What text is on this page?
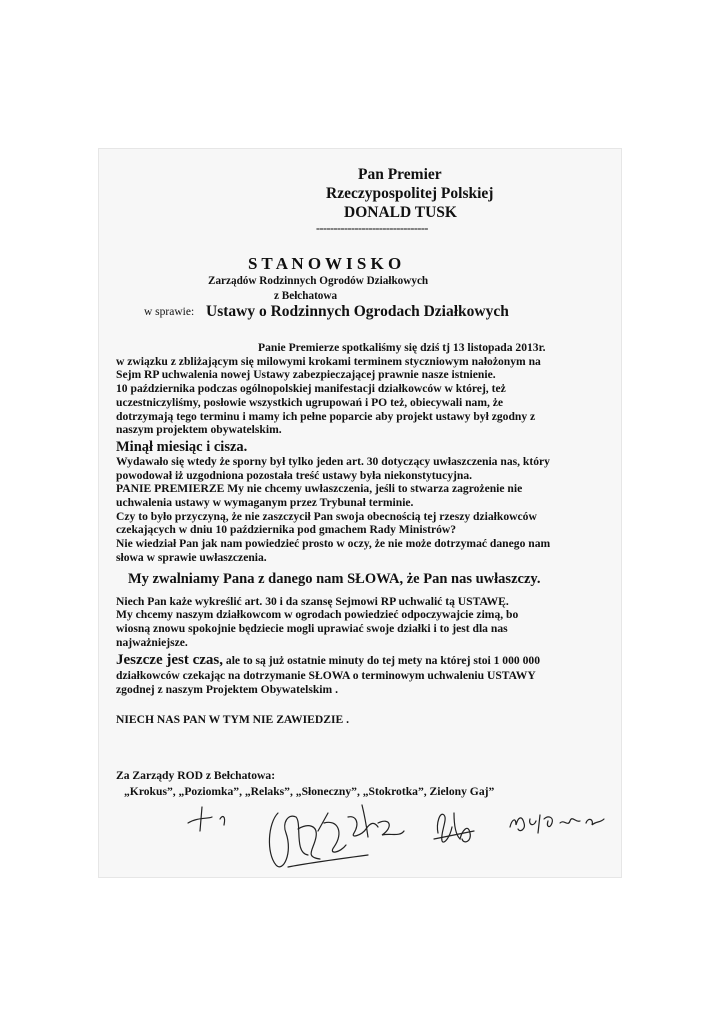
Pan Premier
Rzeczypospolitej Polskiej
DONALD TUSK
--------------------------------
S T A N O W I S K O
Zarządów Rodzinnych Ogrodów Działkowych
z Bełchatowa
w sprawie: Ustawy o Rodzinnych Ogrodach Działkowych

Panie Premierze spotkaliśmy się dziś tj 13 listopada 2013r.

w związku z zbliżającym się milowymi krokami terminem styczniowym nałożonym na

Sejm RP uchwalenia nowej Ustawy zabezpieczającej prawnie nasze istnienie.

10 października podczas ogólnopolskiej manifestacji działkowców w której, też

uczestniczyliśmy, posłowie wszystkich ugrupowań i PO też, obiecywali nam, że

dotrzymają tego terminu i mamy ich pełne poparcie aby projekt ustawy był zgodny z

naszym projektem obywatelskim.

Minął miesiąc i cisza.

Wydawało się wtedy że sporny był tylko jeden art. 30 dotyczący uwłaszczenia nas, który

powodował iż uzgodniona pozostała treść ustawy była niekonstytucyjna.

PANIE PREMIERZE My nie chcemy uwłaszczenia, jeśli to stwarza zagrożenie nie

uchwalenia ustawy w wymaganym przez Trybunał terminie.

Czy to było przyczyną, że nie zaszczycił Pan swoja obecnością tej rzeszy działkowców

czekających w dniu 10 października pod gmachem Rady Ministrów?

Nie wiedział Pan jak nam powiedzieć prosto w oczy, że nie może dotrzymać danego nam

słowa w sprawie uwłaszczenia.

My zwalniamy Pana z danego nam SŁOWA, że Pan nas uwłaszczy.

Niech Pan każe wykreślić art. 30 i da szansę Sejmowi RP uchwalić tą USTAWĘ.

My chcemy naszym działkowcom w ogrodach powiedzieć odpoczywajcie zimą, bo

wiosną znowu spokojnie będziecie mogli uprawiać swoje działki i to jest dla nas

najważniejsze.

Jeszcze jest czas, ale to są już ostatnie minuty do tej mety na której stoi 1 000 000

działkowców czekając na dotrzymanie SŁOWA o terminowym uchwaleniu USTAWY

zgodnej z naszym Projektem Obywatelskim .

NIECH NAS PAN W TYM NIE ZAWIEDZIE .

Za Zarządy ROD z Bełchatowa:
„Krokus”, „Poziomka”, „Relaks”, „Słoneczny”, „Stokrotka”, Zielony Gaj”
